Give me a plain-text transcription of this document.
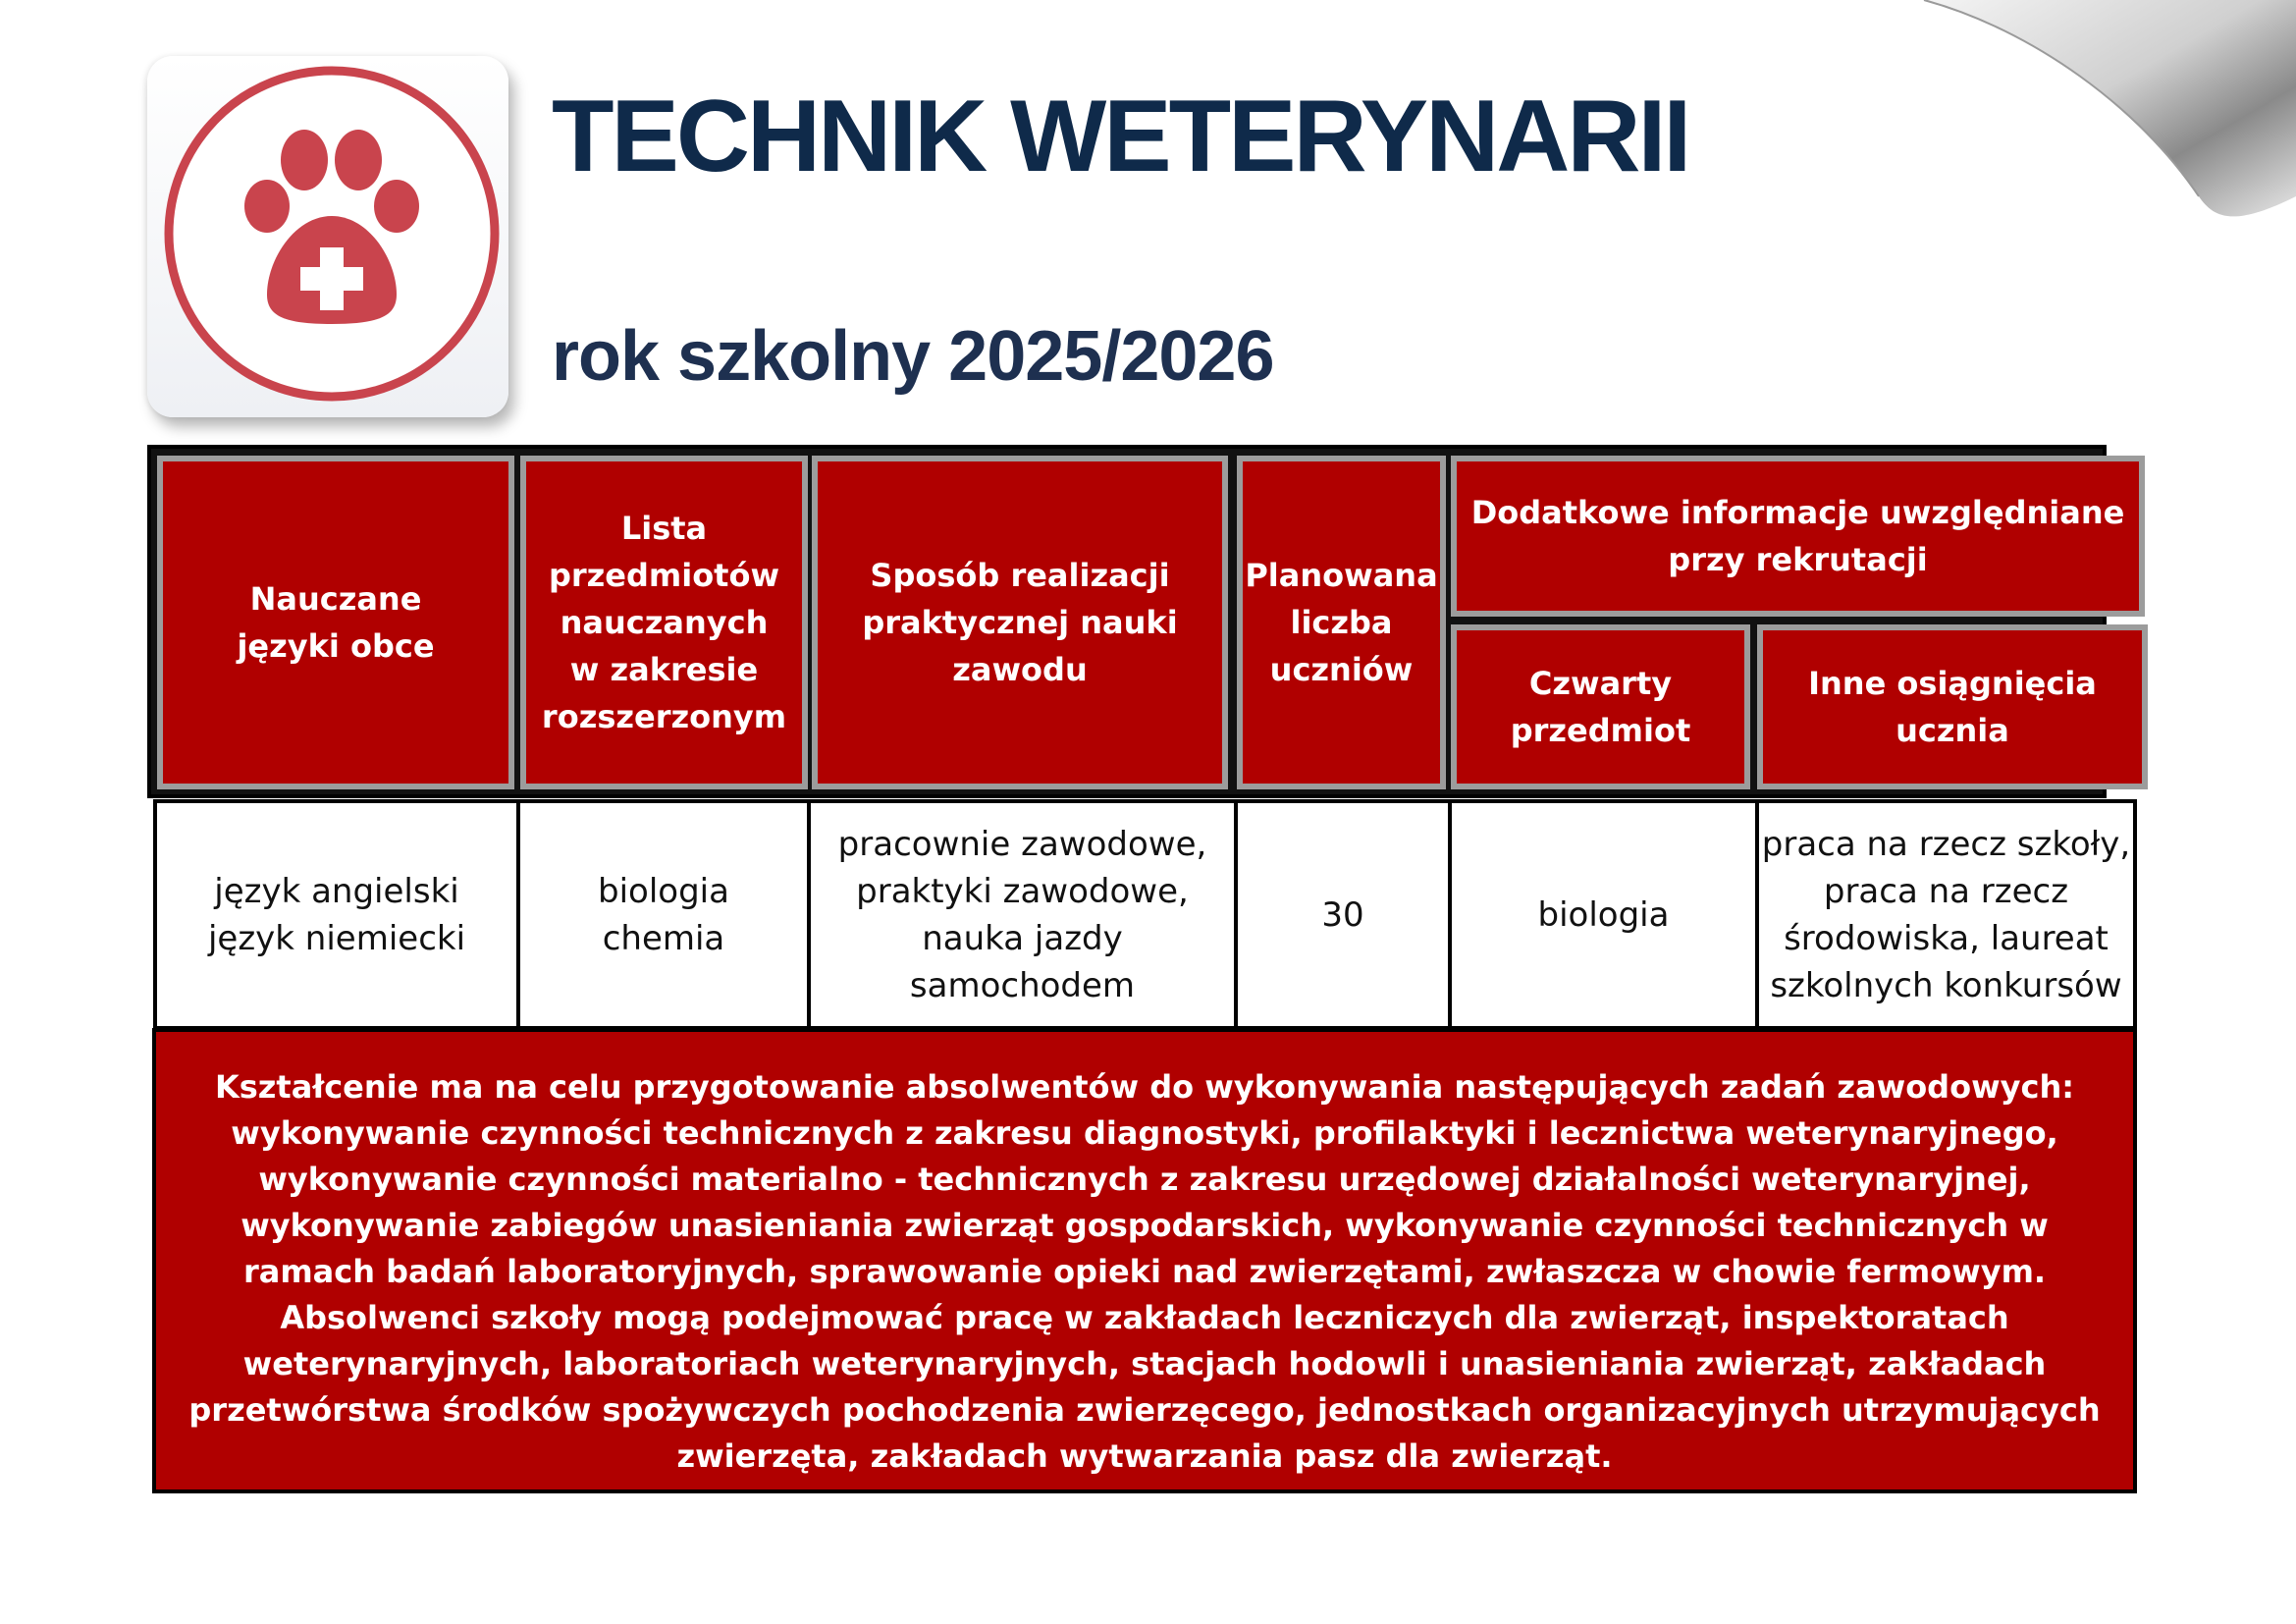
TECHNIK WETERYNARII
rok szkolny 2025/2026
Nauczane
języki obce
Lista
przedmiotów
nauczanych
w zakresie
rozszerzonym
Sposób realizacji
praktycznej nauki
zawodu
Planowana
liczba
uczniów
Dodatkowe informacje uwzględniane
przy rekrutacji
Czwarty
przedmiot
Inne osiągnięcia
ucznia
język angielski
język niemiecki
biologia
chemia
pracownie zawodowe,
praktyki zawodowe,
nauka jazdy samochodem
30	biologia
praca na rzecz szkoły,
praca na rzecz
środowiska, laureat
szkolnych konkursów

Kształcenie ma na celu przygotowanie absolwentów do wykonywania następujących zadań zawodowych: wykonywanie czynności technicznych z zakresu diagnostyki, profilaktyki i lecznictwa weterynaryjnego, wykonywanie czynności materialno - technicznych z zakresu urzędowej działalności weterynaryjnej, wykonywanie zabiegów unasieniania zwierząt gospodarskich, wykonywanie czynności technicznych w ramach badań laboratoryjnych, sprawowanie opieki nad zwierzętami, zwłaszcza w chowie fermowym.

Absolwenci szkoły mogą podejmować pracę w zakładach leczniczych dla zwierząt, inspektoratach weterynaryjnych, laboratoriach weterynaryjnych, stacjach hodowli i unasieniania zwierząt, zakładach przetwórstwa środków spożywczych pochodzenia zwierzęcego, jednostkach organizacyjnych utrzymujących zwierzęta, zakładach wytwarzania pasz dla zwierząt.
